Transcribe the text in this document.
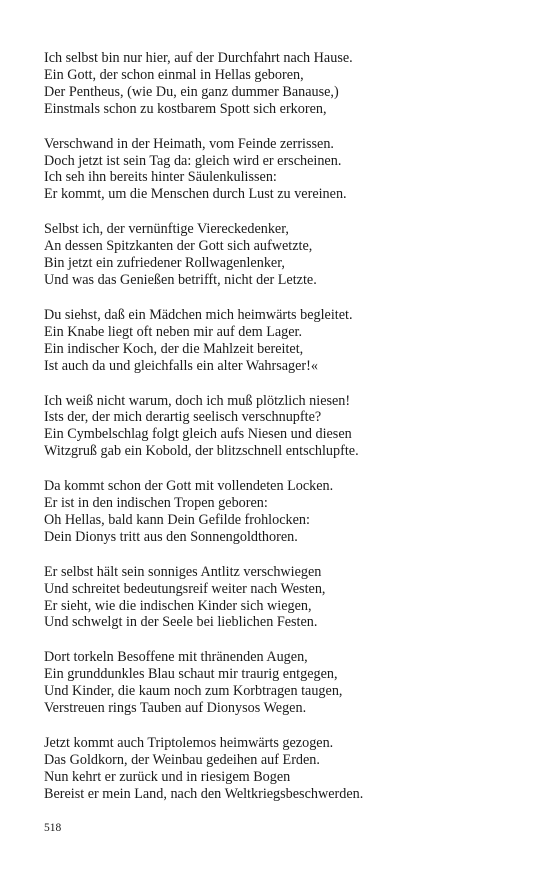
Ich selbst bin nur hier, auf der Durchfahrt nach Hause.
Ein Gott, der schon einmal in Hellas geboren,
Der Pentheus, (wie Du, ein ganz dummer Banause,)
Einstmals schon zu kostbarem Spott sich erkoren,
Verschwand in der Heimath, vom Feinde zerrissen.
Doch jetzt ist sein Tag da: gleich wird er erscheinen.
Ich seh ihn bereits hinter Säulenkulissen:
Er kommt, um die Menschen durch Lust zu vereinen.
Selbst ich, der vernünftige Viereckedenker,
An dessen Spitzkanten der Gott sich aufwetzte,
Bin jetzt ein zufriedener Rollwagenlenker,
Und was das Genießen betrifft, nicht der Letzte.
Du siehst, daß ein Mädchen mich heimwärts begleitet.
Ein Knabe liegt oft neben mir auf dem Lager.
Ein indischer Koch, der die Mahlzeit bereitet,
Ist auch da und gleichfalls ein alter Wahrsager!«
Ich weiß nicht warum, doch ich muß plötzlich niesen!
Ists der, der mich derartig seelisch verschnupfte?
Ein Cymbelschlag folgt gleich aufs Niesen und diesen
Witzgruß gab ein Kobold, der blitzschnell entschlupfte.
Da kommt schon der Gott mit vollendeten Locken.
Er ist in den indischen Tropen geboren:
Oh Hellas, bald kann Dein Gefilde frohlocken:
Dein Dionys tritt aus den Sonnengoldthoren.
Er selbst hält sein sonniges Antlitz verschwiegen
Und schreitet bedeutungsreif weiter nach Westen,
Er sieht, wie die indischen Kinder sich wiegen,
Und schwelgt in der Seele bei lieblichen Festen.
Dort torkeln Besoffene mit thränenden Augen,
Ein grunddunkles Blau schaut mir traurig entgegen,
Und Kinder, die kaum noch zum Korbtragen taugen,
Verstreuen rings Tauben auf Dionysos Wegen.
Jetzt kommt auch Triptolemos heimwärts gezogen.
Das Goldkorn, der Weinbau gedeihen auf Erden.
Nun kehrt er zurück und in riesigem Bogen
Bereist er mein Land, nach den Weltkriegsbeschwerden.
518
